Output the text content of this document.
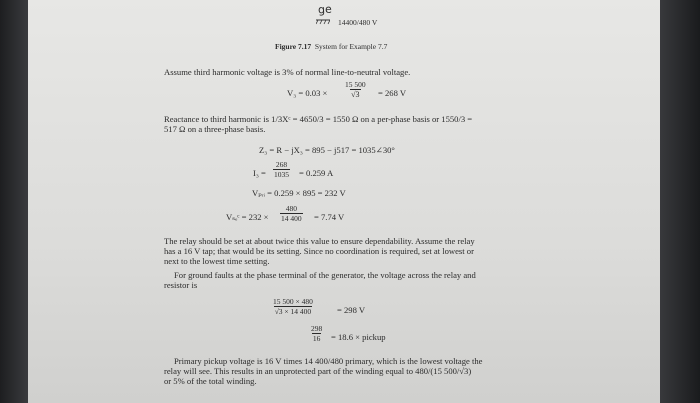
ge
14400/480 V
Figure 7.17 System for Example 7.7
Assume third harmonic voltage is 3% of normal line-to-neutral voltage.
$V_3 = 0.03 \times \frac{15 500}{√3} = 268$ V
Reactance to third harmonic is 1/3Xᶜ = 4650/3 = 1550 Ω on a per-phase basis or 1550/3 =
517 Ω on a three-phase basis.
Z₃ = R − jX₃ = 895 − j517 = 1035∠30°
$I_3 = \frac{268}{1035} = 0.259$ A
Vₚᵣᵢ = 0.259 × 895 = 232 V
Vₛₑᶜ = $232 \times \frac{480}{14 400} = 7.74$ V
The relay should be set at about twice this value to ensure dependability. Assume the relay
has a 16 V tap; that would be its setting. Since no coordination is required, set at lowest or
next to the lowest time setting.
For ground faults at the phase terminal of the generator, the voltage across the relay and
resistor is
$\frac{15 500 \times 480}{√3 \times 14 400}$	= 298 V
$\frac{298}{16} = 18.6$ × pickup
Primary pickup voltage is 16 V times 14 400/480 primary, which is the lowest voltage the
relay will see. This results in an unprotected part of the winding equal to 480/(15 500/√3)
or 5% of the total winding.
